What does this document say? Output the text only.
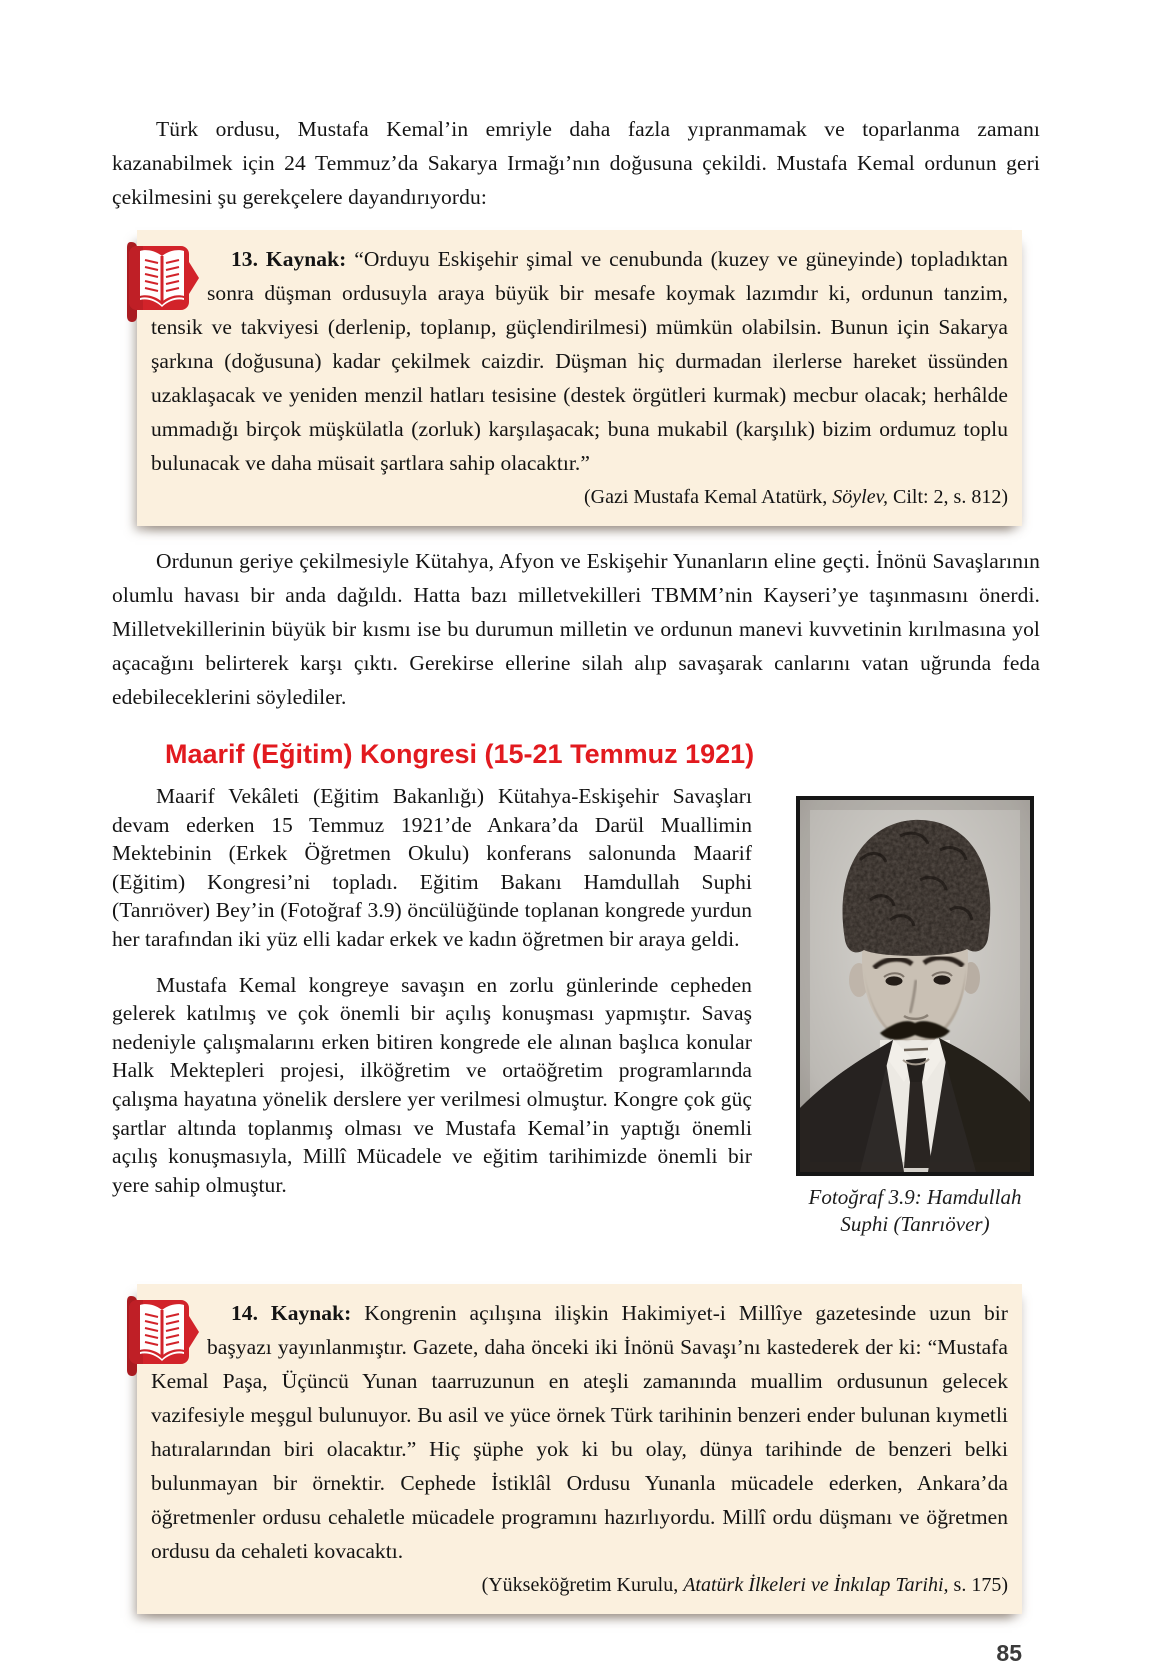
Türk ordusu, Mustafa Kemal’in emriyle daha fazla yıpranmamak ve toparlanma zamanı kazanabilmek için 24 Temmuz’da Sakarya Irmağı’nın doğusuna çekildi. Mustafa Kemal ordunun geri çekilmesini şu gerekçelere dayandırıyordu:

13. Kaynak: “Orduyu Eskişehir şimal ve cenubunda (kuzey ve güneyinde) topladıktan sonra düşman ordusuyla araya büyük bir mesafe koymak lazımdır ki, ordunun tanzim, tensik ve takviyesi (derlenip, toplanıp, güçlendirilmesi) mümkün olabilsin. Bunun için Sakarya şarkına (doğusuna) kadar çekilmek caizdir. Düşman hiç durmadan ilerlerse hareket üssünden uzaklaşacak ve yeniden menzil hatları tesisine (destek örgütleri kurmak) mecbur olacak; herhâlde ummadığı birçok müşkülatla (zorluk) karşılaşacak; buna mukabil (karşılık) bizim ordumuz toplu bulunacak ve daha müsait şartlara sahip olacaktır.”

(Gazi Mustafa Kemal Atatürk, Söylev, Cilt: 2, s. 812)

Ordunun geriye çekilmesiyle Kütahya, Afyon ve Eskişehir Yunanların eline geçti. İnönü Savaşlarının olumlu havası bir anda dağıldı. Hatta bazı milletvekilleri TBMM’nin Kayseri’ye taşınmasını önerdi. Milletvekillerinin büyük bir kısmı ise bu durumun milletin ve ordunun manevi kuvvetinin kırılmasına yol açacağını belirterek karşı çıktı. Gerekirse ellerine silah alıp savaşarak canlarını vatan uğrunda feda edebileceklerini söylediler.

Maarif (Eğitim) Kongresi (15-21 Temmuz 1921)

Maarif Vekâleti (Eğitim Bakanlığı) Kütahya-Eskişehir Savaşları devam ederken 15 Temmuz 1921’de Ankara’da Darül Muallimin Mektebinin (Erkek Öğretmen Okulu) konferans salonunda Maarif (Eğitim) Kongresi’ni topladı. Eğitim Bakanı Hamdullah Suphi (Tanrıöver) Bey’in (Fotoğraf 3.9) öncülüğünde toplanan kongrede yurdun her tarafından iki yüz elli kadar erkek ve kadın öğretmen bir araya geldi.

Mustafa Kemal kongreye savaşın en zorlu günlerinde cepheden gelerek katılmış ve çok önemli bir açılış konuşması yapmıştır. Savaş nedeniyle çalışmalarını erken bitiren kongrede ele alınan başlıca konular Halk Mektepleri projesi, ilköğretim ve ortaöğretim programlarında çalışma hayatına yönelik derslere yer verilmesi olmuştur. Kongre çok güç şartlar altında toplanmış olması ve Mustafa Kemal’in yaptığı önemli açılış konuşmasıyla, Millî Mücadele ve eğitim tarihimizde önemli bir yere sahip olmuştur.

Fotoğraf 3.9: Hamdullah Suphi (Tanrıöver)

14. Kaynak: Kongrenin açılışına ilişkin Hakimiyet-i Millîye gazetesinde uzun bir başyazı yayınlanmıştır. Gazete, daha önceki iki İnönü Savaşı’nı kastederek der ki: “Mustafa Kemal Paşa, Üçüncü Yunan taarruzunun en ateşli zamanında muallim ordusunun gelecek vazifesiyle meşgul bulunuyor. Bu asil ve yüce örnek Türk tarihinin benzeri ender bulunan kıymetli hatıralarından biri olacaktır.” Hiç şüphe yok ki bu olay, dünya tarihinde de benzeri belki bulunmayan bir örnektir. Cephede İstiklâl Ordusu Yunanla mücadele ederken, Ankara’da öğretmenler ordusu cehaletle mücadele programını hazırlıyordu. Millî ordu düşmanı ve öğretmen ordusu da cehaleti kovacaktı.

(Yükseköğretim Kurulu, Atatürk İlkeleri ve İnkılap Tarihi, s. 175)

85
